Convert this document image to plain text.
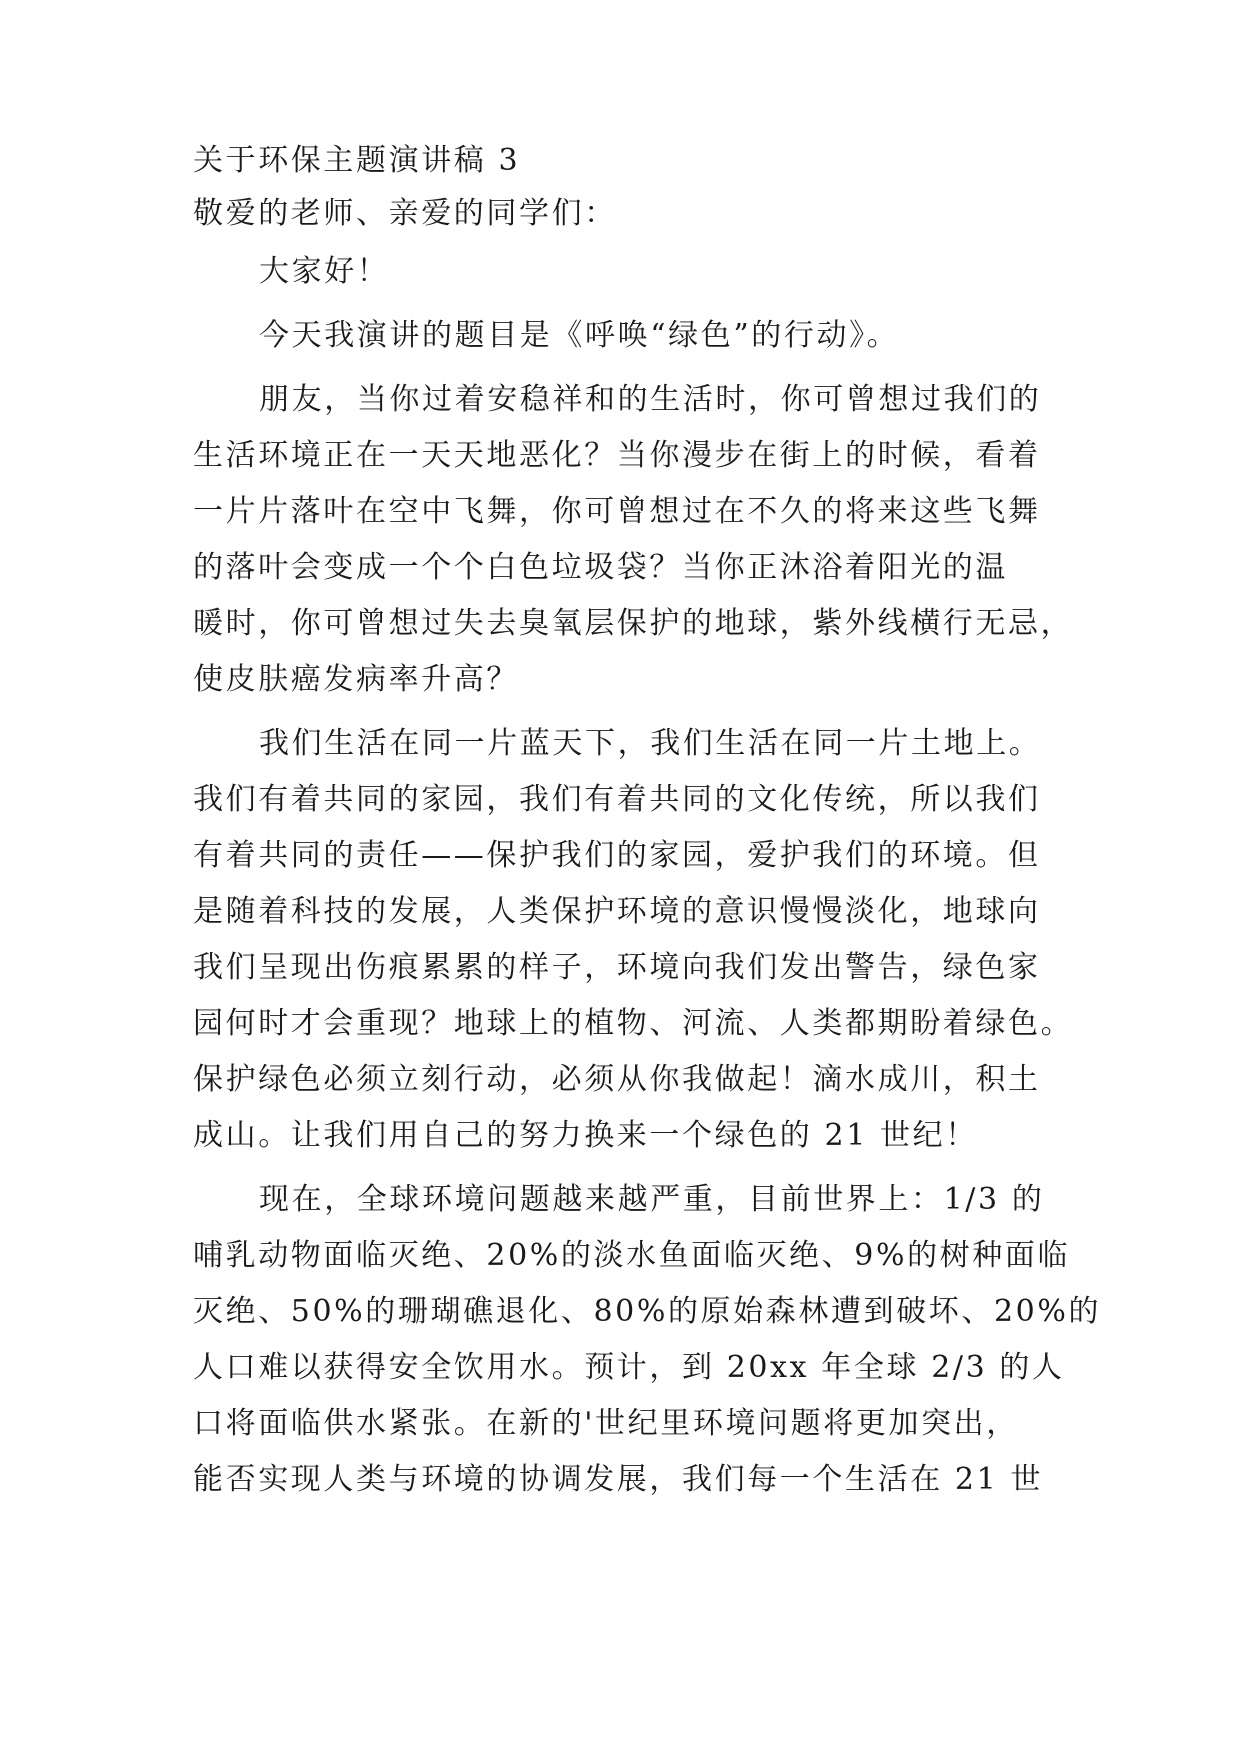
关于环保主题演讲稿 3
敬爱的老师、亲爱的同学们：
大家好！
今天我演讲的题目是《呼唤“绿色”的行动》。
朋友，当你过着安稳祥和的生活时，你可曾想过我们的
生活环境正在一天天地恶化？当你漫步在街上的时候，看着
一片片落叶在空中飞舞，你可曾想过在不久的将来这些飞舞
的落叶会变成一个个白色垃圾袋？当你正沐浴着阳光的温
暖时，你可曾想过失去臭氧层保护的地球，紫外线横行无忌，
使皮肤癌发病率升高？
我们生活在同一片蓝天下，我们生活在同一片土地上。
我们有着共同的家园，我们有着共同的文化传统，所以我们
有着共同的责任——保护我们的家园，爱护我们的环境。但
是随着科技的发展，人类保护环境的意识慢慢淡化，地球向
我们呈现出伤痕累累的样子，环境向我们发出警告，绿色家
园何时才会重现？地球上的植物、河流、人类都期盼着绿色。
保护绿色必须立刻行动，必须从你我做起！滴水成川，积土
成山。让我们用自己的努力换来一个绿色的 21 世纪！
现在，全球环境问题越来越严重，目前世界上：1/3 的
哺乳动物面临灭绝、20%的淡水鱼面临灭绝、9%的树种面临
灭绝、50%的珊瑚礁退化、80%的原始森林遭到破坏、20%的
人口难以获得安全饮用水。预计，到 20xx 年全球 2/3 的人
口将面临供水紧张。在新的'世纪里环境问题将更加突出，
能否实现人类与环境的协调发展，我们每一个生活在 21 世
